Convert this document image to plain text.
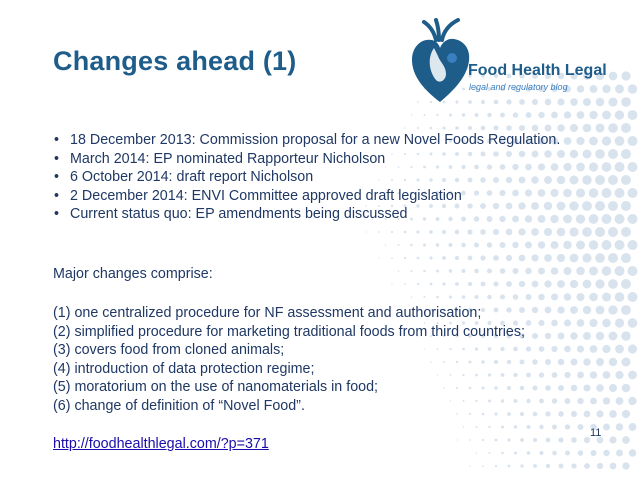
Changes ahead (1)	Food Health Legal
legal and regulatory blog
• 18 December 2013: Commission proposal for a new Novel Foods Regulation.
• March 2014: EP nominated Rapporteur Nicholson
• 6 October 2014: draft report Nicholson
• 2 December 2014: ENVI Committee approved draft legislation
• Current status quo: EP amendments being discussed
Major changes comprise:
(1) one centralized procedure for NF assessment and authorisation;
(2) simplified procedure for marketing traditional foods from third countries;
(3) covers food from cloned animals;
(4) introduction of data protection regime;
(5) moratorium on the use of nanomaterials in food;
(6) change of definition of “Novel Food”.
http://foodhealthlegal.com/?p=371
11
